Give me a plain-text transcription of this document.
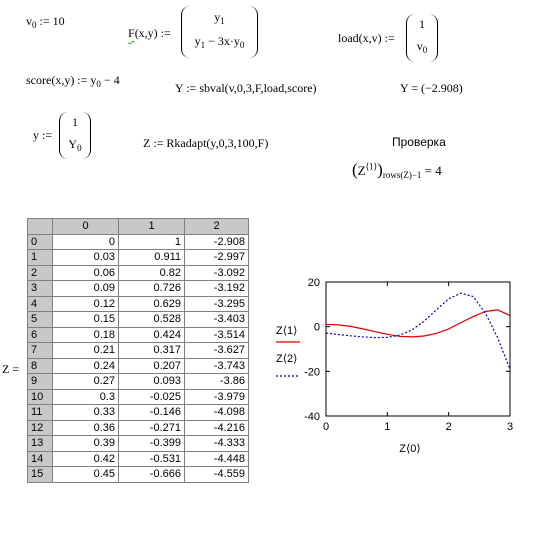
$v_0$ := 10
F(x,y) :=
$y_1$
$y_1 - 3x\cdot y_0$	load(x,v) :=
1
$v_0$
score(x,y) := $y_0 - 4$
Y := sbval(v,0,3,F,load,score)	Y = (−2.908)
y :=
1
$Y_0$	Z := Rkadapt(y,0,3,100,F)	Проверка
$(Z^{⟨1⟩})_{rows(Z)-1} = 4$
Z =
	0	1	2
0	0	1	-2.908
1	0.03	0.911	-2.997
2	0.06	0.82	-3.092
3	0.09	0.726	-3.192
4	0.12	0.629	-3.295
5	0.15	0.528	-3.403
6	0.18	0.424	-3.514
7	0.21	0.317	-3.627
8	0.24	0.207	-3.743
9	0.27	0.093	-3.86
10	0.3	-0.025	-3.979
11	0.33	-0.146	-4.098
12	0.36	-0.271	-4.216
13	0.39	-0.399	-4.333
14	0.42	-0.531	-4.448
15	0.45	-0.666	-4.559
0	1	2	3
20
0
-20
-40
Z⟨1⟩
Z⟨2⟩
Z⟨0⟩
